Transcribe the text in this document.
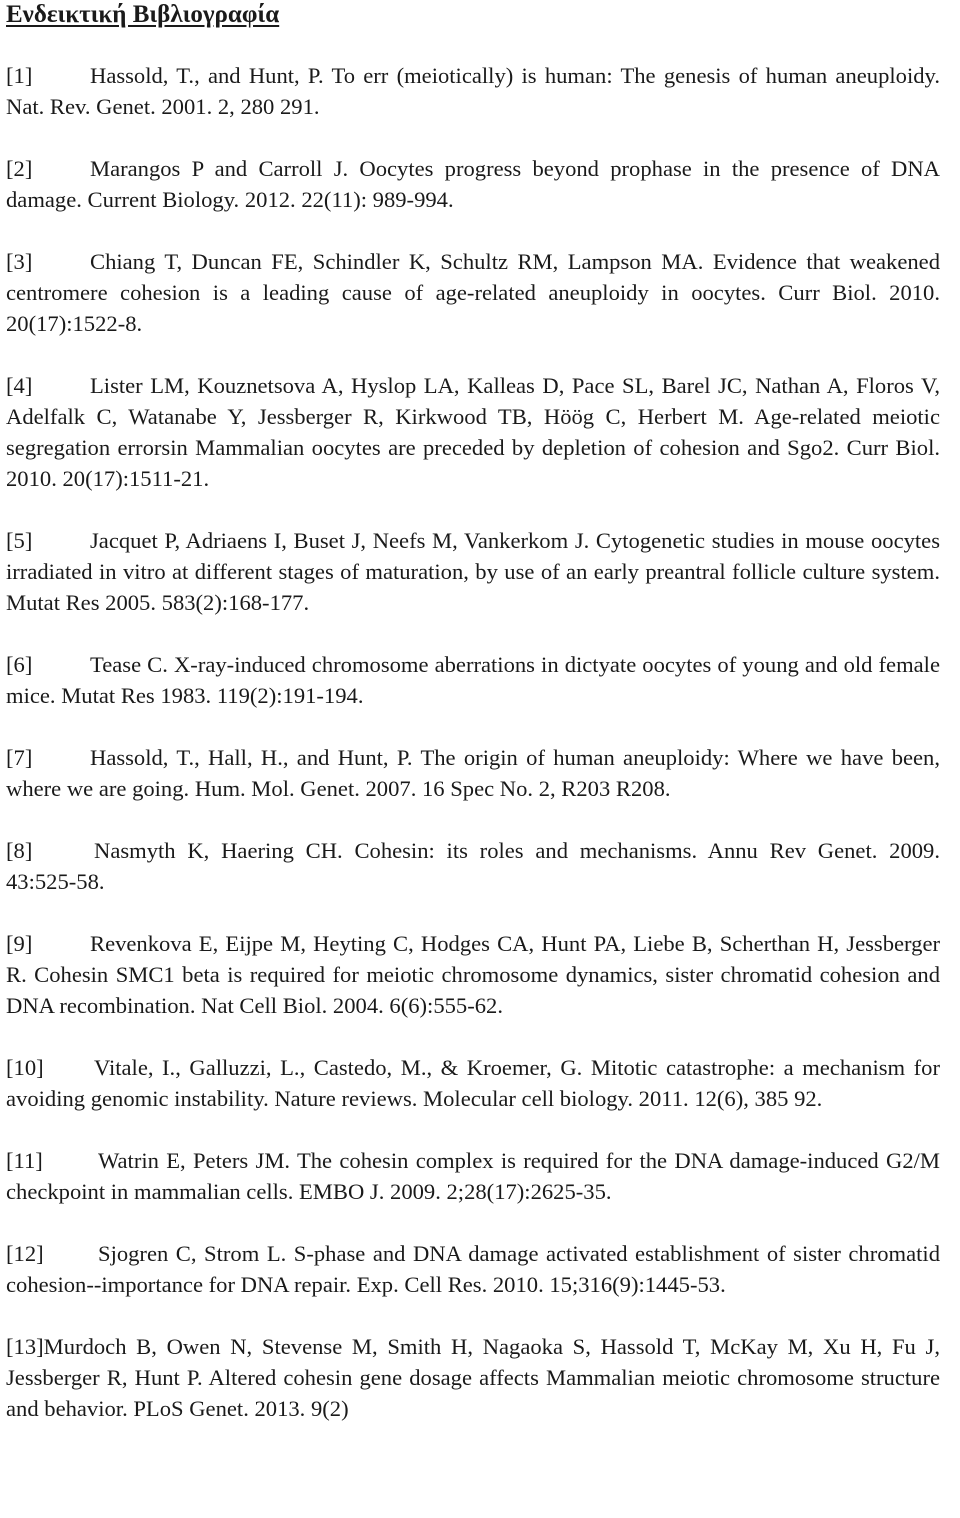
Ενδεικτική Βιβλιογραφία

[1]	Hassold, T., and Hunt, P. To err (meiotically) is human: The genesis of human aneuploidy. Nat. Rev. Genet. 2001. 2, 280 291.

[2]	Marangos P and Carroll J. Oocytes progress beyond prophase in the presence of DNA damage. Current Biology. 2012. 22(11): 989-994.

[3]	Chiang T, Duncan FE, Schindler K, Schultz RM, Lampson MA. Evidence that weakened centromere cohesion is a leading cause of age-related aneuploidy in oocytes. Curr Biol. 2010. 20(17):1522-8.

[4]	Lister LM, Kouznetsova A, Hyslop LA, Kalleas D, Pace SL, Barel JC, Nathan A, Floros V, Adelfalk C, Watanabe Y, Jessberger R, Kirkwood TB, Höög C, Herbert M. Age-related meiotic segregation errorsin Mammalian oocytes are preceded by depletion of cohesion and Sgo2. Curr Biol. 2010. 20(17):1511-21.

[5]	Jacquet P, Adriaens I, Buset J, Neefs M, Vankerkom J. Cytogenetic studies in mouse oocytes irradiated in vitro at different stages of maturation, by use of an early preantral follicle culture system. Mutat Res 2005. 583(2):168-177.

[6]	Tease C. X-ray-induced chromosome aberrations in dictyate oocytes of young and old female mice. Mutat Res 1983. 119(2):191-194.

[7]	Hassold, T., Hall, H., and Hunt, P. The origin of human aneuploidy: Where we have been, where we are going. Hum. Mol. Genet. 2007. 16 Spec No. 2, R203 R208.

[8]	Nasmyth K, Haering CH. Cohesin: its roles and mechanisms. Annu Rev Genet. 2009. 43:525-58.

[9]	Revenkova E, Eijpe M, Heyting C, Hodges CA, Hunt PA, Liebe B, Scherthan H, Jessberger R. Cohesin SMC1 beta is required for meiotic chromosome dynamics, sister chromatid cohesion and DNA recombination. Nat Cell Biol. 2004. 6(6):555-62.

[10] Vitale, I., Galluzzi, L., Castedo, M., & Kroemer, G. Mitotic catastrophe: a mechanism for avoiding genomic instability. Nature reviews. Molecular cell biology. 2011. 12(6), 385 92.

[11] Watrin E, Peters JM. The cohesin complex is required for the DNA damage-induced G2/M checkpoint in mammalian cells. EMBO J. 2009. 2;28(17):2625-35.

[12] Sjogren C, Strom L. S-phase and DNA damage activated establishment of sister chromatid cohesion--importance for DNA repair. Exp. Cell Res. 2010. 15;316(9):1445-53.

[13]Murdoch B, Owen N, Stevense M, Smith H, Nagaoka S, Hassold T, McKay M, Xu H, Fu J, Jessberger R, Hunt P. Altered cohesin gene dosage affects Mammalian meiotic chromosome structure and behavior. PLoS Genet. 2013. 9(2)
